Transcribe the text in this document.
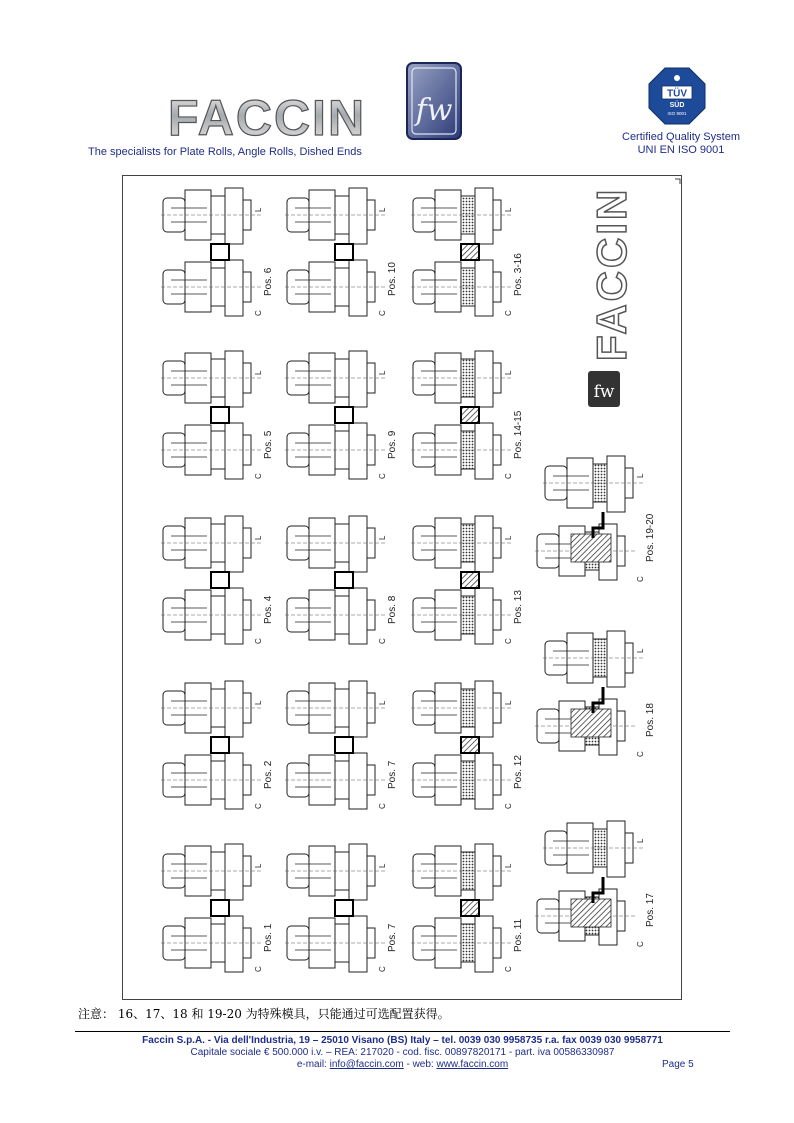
FACCIN fw
The specialists for Plate Rolls, Angle Rolls, Dished Ends
TÜV
SÜD
ISO 9001
Certified Quality System
UNI EN ISO 9001
FACCIN
fw
L
C
Pos. 6
L
C
Pos. 10
L
C
Pos. 3-16
L
C
Pos. 5
L
C
Pos. 9
L
C
Pos. 14-15
L
C
Pos. 4
L
C
Pos. 8
L
C
Pos. 13
L
C
Pos. 2
L
C
Pos. 7
L
C
Pos. 12
L
C
Pos. 1
L
C
Pos. 7
L
C
Pos. 11
L
C
Pos. 19-20
L
C
Pos. 18
L
C
Pos. 17
注意： 16、17、18 和 19-20 为特殊模具，只能通过可选配置获得。
Faccin S.p.A. - Via dell'Industria, 19 – 25010 Visano (BS) Italy – tel. 0039 030 9958735 r.a. fax 0039 030 9958771
Capitale sociale € 500.000 i.v. – REA: 217020 - cod. fisc. 00897820171 - part. iva 00586330987
e-mail: info@faccin.com - web: www.faccin.com	Page 5
